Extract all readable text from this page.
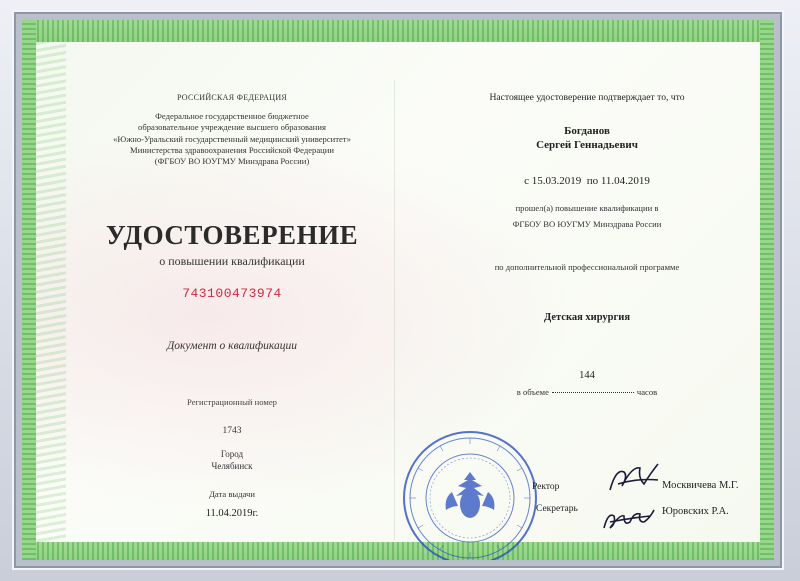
РОССИЙСКАЯ ФЕДЕРАЦИЯ
Федеральное государственное бюджетное
образовательное учреждение высшего образования
«Южно-Уральский государственный медицинский университет»
Министерства здравоохранения Российской Федерации
(ФГБОУ ВО ЮУГМУ Минздрава России)
УДОСТОВЕРЕНИЕ
о повышении квалификации
743100473974
Документ о квалификации
Регистрационный номер
1743
Город
Челябинск
Дата выдачи
11.04.2019г.
Настоящее удостоверение подтверждает то, что
Богданов
Сергей Геннадьевич
с 15.03.2019 по 11.04.2019
прошел(а) повышение квалификации в
ФГБОУ ВО ЮУГМУ Минздрава России
по дополнительной профессиональной программе
Детская хирургия
144
в объеме	часов
Ректор
Секретарь
Москвичева М.Г.
Юровских Р.А.
